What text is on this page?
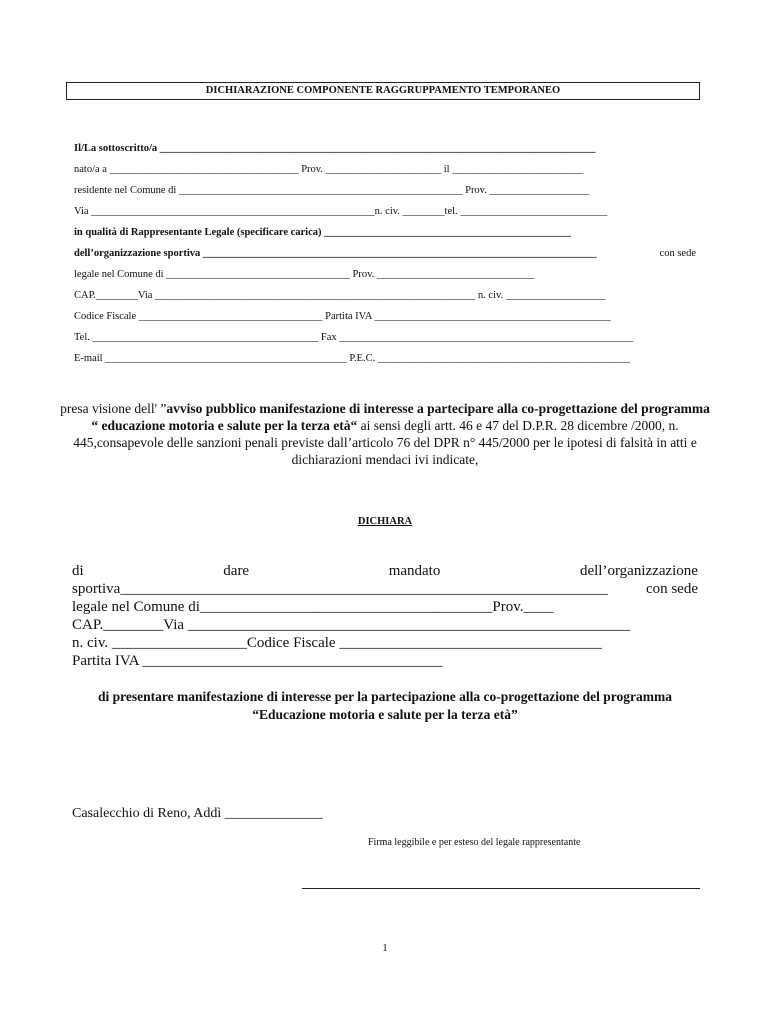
DICHIARAZIONE COMPONENTE RAGGRUPPAMENTO TEMPORANEO
Il/La sottoscritto/a ___________________________________________________________________________________
nato/a a ____________________________________ Prov. ______________________ il _________________________
residente nel Comune di ______________________________________________________ Prov. ___________________
Via ______________________________________________________n. civ. ________tel. ____________________________
in qualità di Rappresentante Legale (specificare carica) _______________________________________________
dell’organizzazione sportiva ___________________________________________________________________________	con sede
legale nel Comune di ___________________________________ Prov. ______________________________
CAP.________Via _____________________________________________________________ n. civ. ___________________
Codice Fiscale ___________________________________ Partita IVA _____________________________________________
Tel. ___________________________________________ Fax ________________________________________________________
E-mail ______________________________________________ P.E.C. ________________________________________________
presa visione dell' ”avviso pubblico manifestazione di interesse a partecipare alla co-progettazione del programma “ educazione motoria e salute per la terza età“ ai sensi degli artt. 46 e 47 del D.P.R. 28 dicembre /2000, n. 445,consapevole delle sanzioni penali previste dall’articolo 76 del DPR n° 445/2000 per le ipotesi di falsità in atti e dichiarazioni mendaci ivi indicate,
DICHIARA
di	dare	mandato	dell’organizzazione
sportiva_________________________________________________________________	con sede
legale nel Comune di_______________________________________Prov.____
CAP.________Via ___________________________________________________________
n. civ. __________________Codice Fiscale ___________________________________
Partita IVA ________________________________________
di presentare manifestazione di interesse per la partecipazione alla co-progettazione del programma “Educazione motoria e salute per la terza età”
Casalecchio di Reno, Addì ______________
Firma leggibile e per esteso del legale rappresentante
1
